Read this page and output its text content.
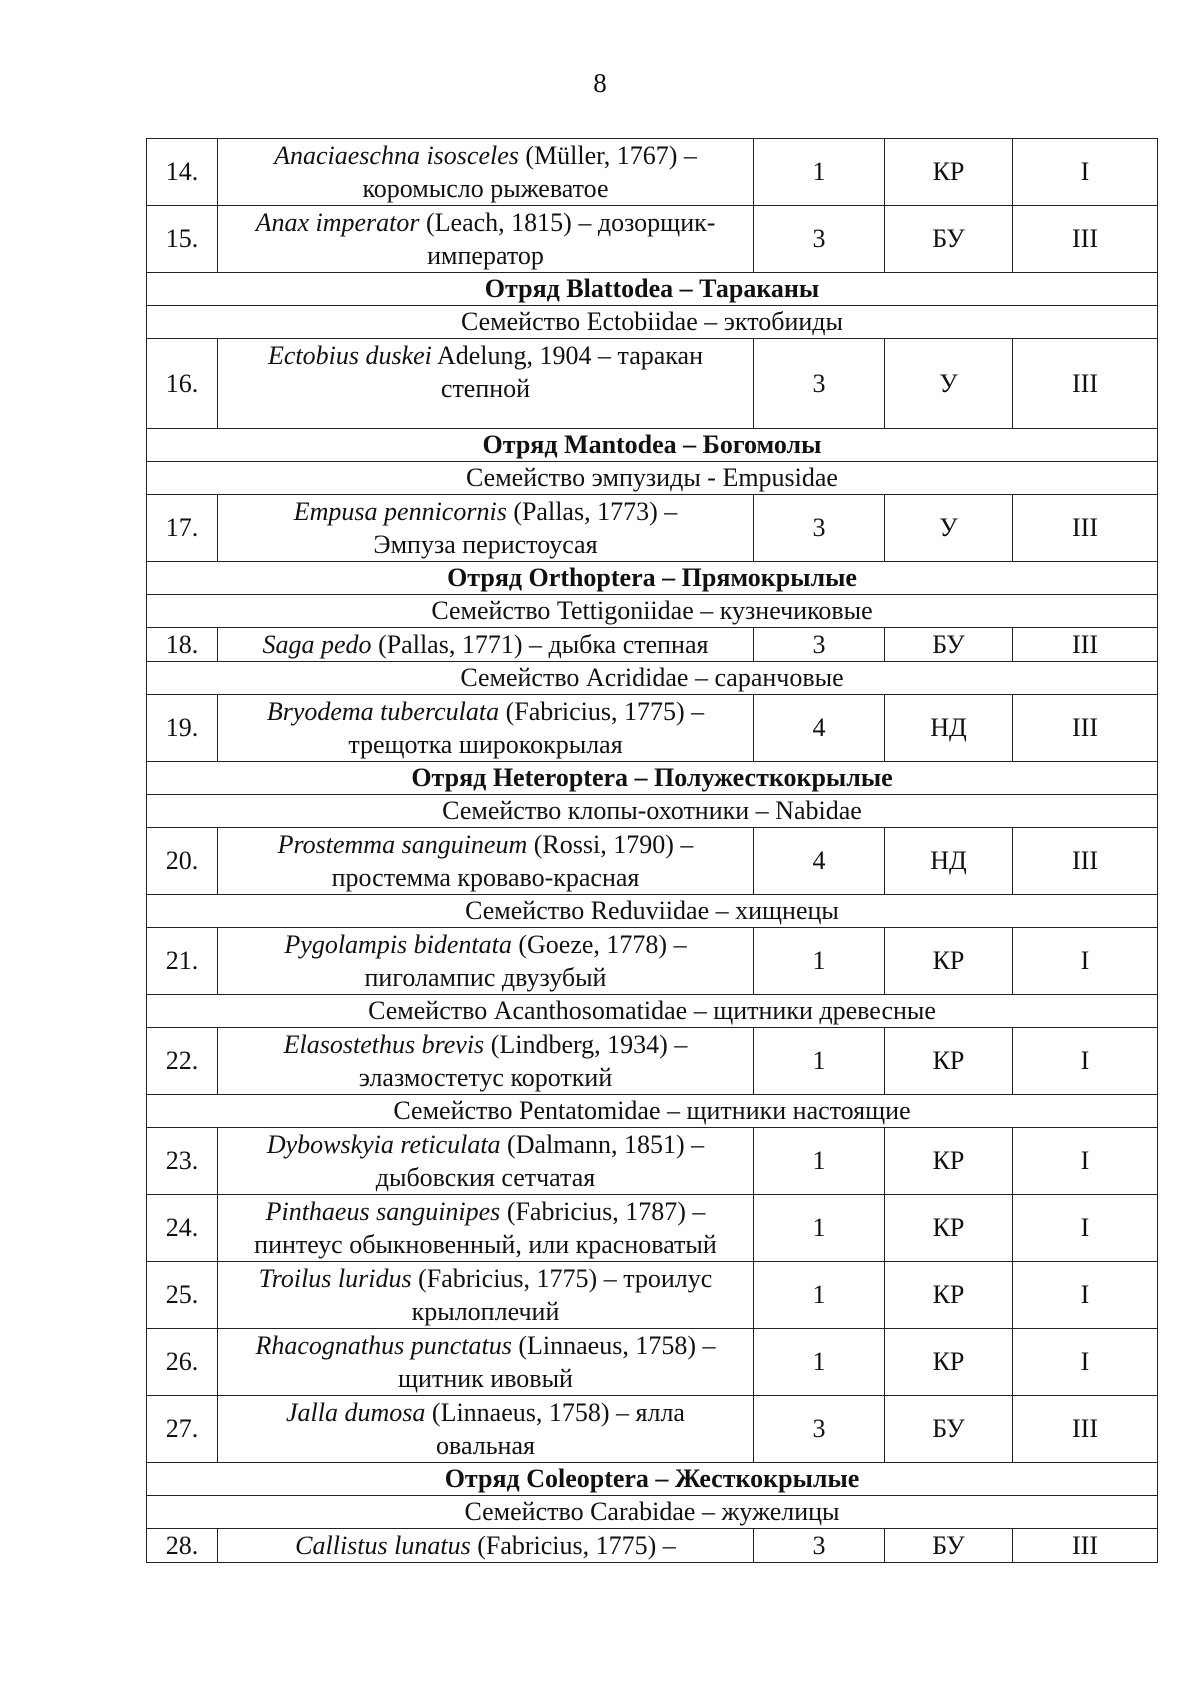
8
14.	Anaciaeschna isosceles (Müller, 1767) –
коромысло рыжеватое	1	КР	I
15.	Anax imperator (Leach, 1815) – дозорщик-
император	3	БУ	III
Отряд Blattodea – Тараканы				
Семейство Ectobiidae – эктобииды				
16.	Ectobius duskei Adelung, 1904 – таракан
степной	3	У	III
Отряд Mantodea – Богомолы				
Семейство эмпузиды - Empusidae				
17.	Empusa pennicornis (Pallas, 1773) –
Эмпуза перистоусая	3	У	III
Отряд Orthoptera – Прямокрылые				
Семейство Tettigoniidae – кузнечиковые				
18.	Saga pedo (Pallas, 1771) – дыбка степная	3	БУ	III
Семейство Acrididae – саранчовые				
19.	Bryodema tuberculata (Fabricius, 1775) –
трещотка ширококрылая	4	НД	III
Отряд Heteroptera – Полужесткокрылые				
Семейство клопы-охотники – Nabidae				
20.	Prostemma sanguineum (Rossi, 1790) –
простемма кроваво-красная	4	НД	III
Семейство Reduviidae – хищнецы				
21.	Pygolampis bidentata (Goeze, 1778) –
пиголампис двузубый	1	КР	I
Семейство Acanthosomatidae – щитники древесные				
22.	Elasostethus brevis (Lindberg, 1934) –
элазмостетус короткий	1	КР	I
Семейство Pentatomidae – щитники настоящие				
23.	Dybowskyia reticulata (Dalmann, 1851) –
дыбовския сетчатая	1	КР	I
24.	Pinthaeus sanguinipes (Fabricius, 1787) –
пинтеус обыкновенный, или красноватый	1	КР	I
25.	Troilus luridus (Fabricius, 1775) – троилус
крылоплечий	1	КР	I
26.	Rhacognathus punctatus (Linnaeus, 1758) –
щитник ивовый	1	КР	I
27.	Jalla dumosa (Linnaeus, 1758) – ялла
овальная	3	БУ	III
Отряд Coleoptera – Жесткокрылые				
Семейство Carabidae – жужелицы				
28.	Callistus lunatus (Fabricius, 1775) –	3	БУ	III
